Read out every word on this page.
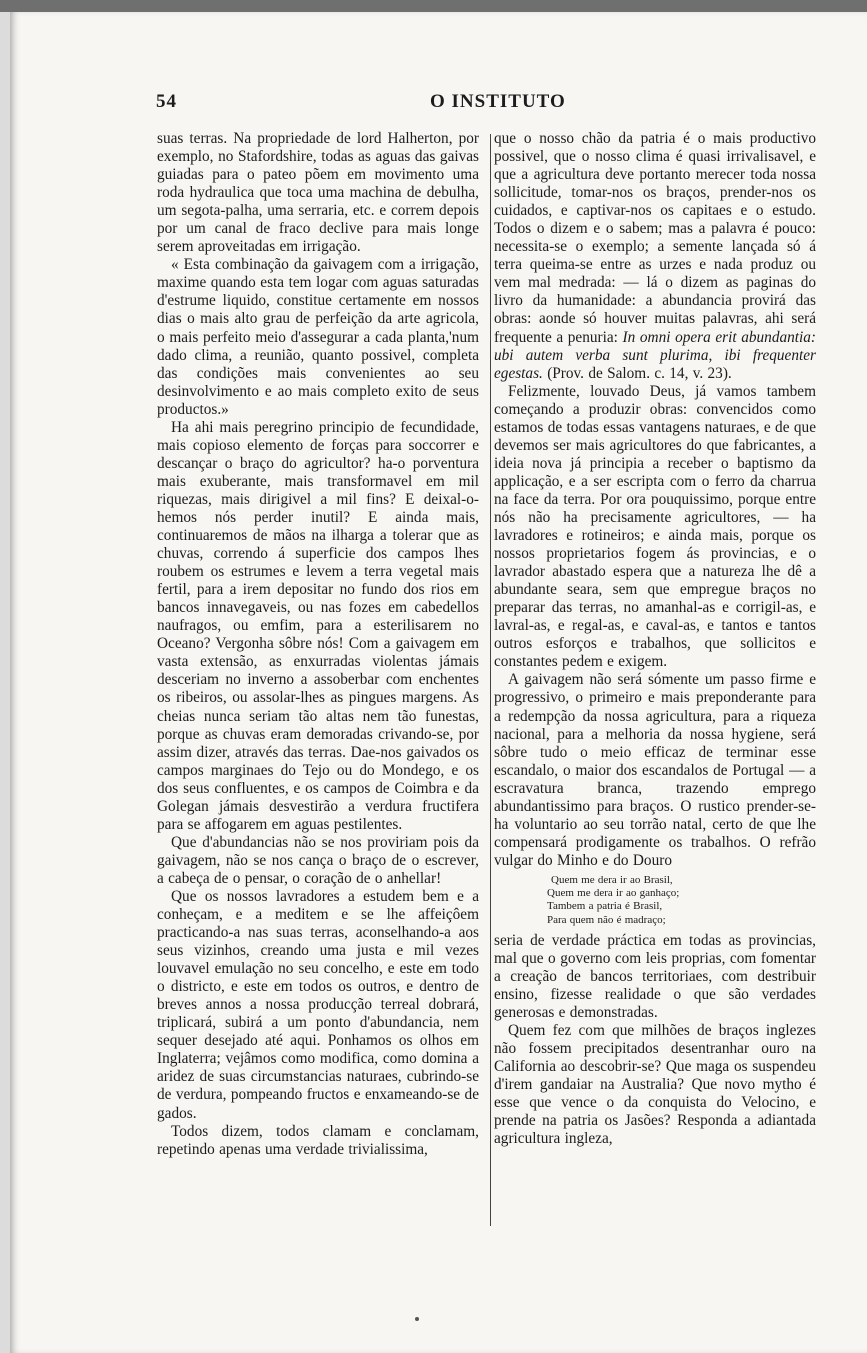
54	O INSTITUTO

suas terras. Na propriedade de lord Halherton, por exemplo, no Stafordshire, todas as aguas das gaivas guiadas para o pateo põem em movimento uma roda hydraulica que toca uma machina de debulha, um segota-palha, uma serraria, etc. e correm depois por um canal de fraco declive para mais longe serem aproveitadas em irrigação.

« Esta combinação da gaivagem com a irrigação, maxime quando esta tem logar com aguas saturadas d'estrume liquido, constitue certamente em nossos dias o mais alto grau de perfeição da arte agricola, o mais perfeito meio d'assegurar a cada planta,'num dado clima, a reunião, quanto possivel, completa das condições mais convenientes ao seu desinvolvimento e ao mais completo exito de seus productos.»

Ha ahi mais peregrino principio de fecundidade, mais copioso elemento de forças para soccorrer e descançar o braço do agricultor? ha-o porventura mais exuberante, mais transformavel em mil riquezas, mais dirigivel a mil fins? E deixal-o-hemos nós perder inutil? E ainda mais, continuaremos de mãos na ilharga a tolerar que as chuvas, correndo á superficie dos campos lhes roubem os estrumes e levem a terra vegetal mais fertil, para a irem depositar no fundo dos rios em bancos innavegaveis, ou nas fozes em cabedellos naufragos, ou emfim, para a esterilisarem no Oceano? Vergonha sôbre nós! Com a gaivagem em vasta extensão, as enxurradas violentas jámais desceriam no inverno a assoberbar com enchentes os ribeiros, ou assolar-lhes as pingues margens. As cheias nunca seriam tão altas nem tão funestas, porque as chuvas eram demoradas crivando-se, por assim dizer, através das terras. Dae-nos gaivados os campos marginaes do Tejo ou do Mondego, e os dos seus confluentes, e os campos de Coimbra e da Golegan jámais desvestirão a verdura fructifera para se affogarem em aguas pestilentes.

Que d'abundancias não se nos proviriam pois da gaivagem, não se nos cança o braço de o escrever, a cabeça de o pensar, o coração de o anhellar!

Que os nossos lavradores a estudem bem e a conheçam, e a meditem e se lhe affeiçôem practicando-a nas suas terras, aconselhando-a aos seus vizinhos, creando uma justa e mil vezes louvavel emulação no seu concelho, e este em todo o districto, e este em todos os outros, e dentro de breves annos a nossa producção terreal dobrará, triplicará, subirá a um ponto d'abundancia, nem sequer desejado até aqui. Ponhamos os olhos em Inglaterra; vejâmos como modifica, como domina a aridez de suas circumstancias naturaes, cubrindo-se de verdura, pompeando fructos e enxameando-se de gados.

Todos dizem, todos clamam e conclamam, repetindo apenas uma verdade trivialissima,

que o nosso chão da patria é o mais productivo possivel, que o nosso clima é quasi irrivalisavel, e que a agricultura deve portanto merecer toda nossa sollicitude, tomar-nos os braços, prender-nos os cuidados, e captivar-nos os capitaes e o estudo. Todos o dizem e o sabem; mas a palavra é pouco: necessita-se o exemplo; a semente lançada só á terra queima-se entre as urzes e nada produz ou vem mal medrada: — lá o dizem as paginas do livro da humanidade: a abundancia provirá das obras: aonde só houver muitas palavras, ahi será frequente a penuria: In omni opera erit abundantia: ubi autem verba sunt plurima, ibi frequenter egestas. (Prov. de Salom. c. 14, v. 23).

Felizmente, louvado Deus, já vamos tambem começando a produzir obras: convencidos como estamos de todas essas vantagens naturaes, e de que devemos ser mais agricultores do que fabricantes, a ideia nova já principia a receber o baptismo da applicação, e a ser escripta com o ferro da charrua na face da terra. Por ora pouquissimo, porque entre nós não ha precisamente agricultores, — ha lavradores e rotineiros; e ainda mais, porque os nossos proprietarios fogem ás provincias, e o lavrador abastado espera que a natureza lhe dê a abundante seara, sem que empregue braços no preparar das terras, no amanhal-as e corrigil-as, e lavral-as, e regal-as, e caval-as, e tantos e tantos outros esforços e trabalhos, que sollicitos e constantes pedem e exigem.

A gaivagem não será sómente um passo firme e progressivo, o primeiro e mais preponderante para a redempção da nossa agricultura, para a riqueza nacional, para a melhoria da nossa hygiene, será sôbre tudo o meio efficaz de terminar esse escandalo, o maior dos escandalos de Portugal — a escravatura branca, trazendo emprego abundantissimo para braços. O rustico prender-se-ha voluntario ao seu torrão natal, certo de que lhe compensará prodigamente os trabalhos. O refrão vulgar do Minho e do Douro

Quem me dera ir ao Brasil,
Quem me dera ir ao ganhaço;
Tambem a patria é Brasil,
Para quem não é madraço;

seria de verdade práctica em todas as provincias, mal que o governo com leis proprias, com fomentar a creação de bancos territoriaes, com destribuir ensino, fizesse realidade o que são verdades generosas e demonstradas.

Quem fez com que milhões de braços inglezes não fossem precipitados desentranhar ouro na California ao descobrir-se? Que maga os suspendeu d'irem gandaiar na Australia? Que novo mytho é esse que vence o da conquista do Velocino, e prende na patria os Jasões? Responda a adiantada agricultura ingleza,
